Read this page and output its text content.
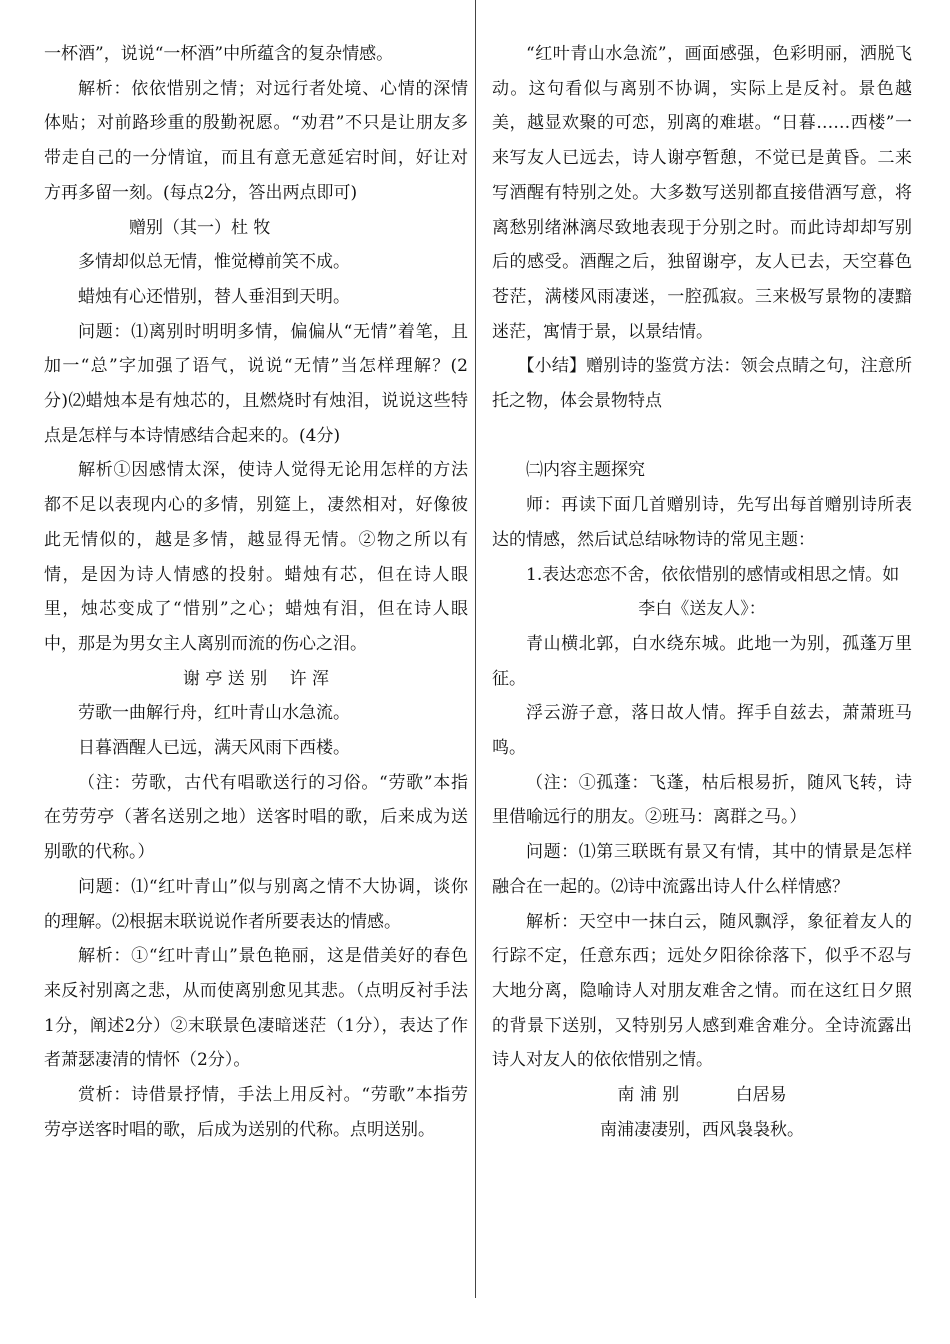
一杯酒”，说说“一杯酒”中所蕴含的复杂情感。

解析：依依惜别之情；对远行者处境、心情的深情体贴；对前路珍重的殷勤祝愿。“劝君”不只是让朋友多带走自己的一分情谊，而且有意无意延宕时间，好让对方再多留一刻。(每点2分，答出两点即可)

赠别（其一）杜 牧

多情却似总无情，惟觉樽前笑不成。

蜡烛有心还惜别，替人垂泪到天明。

问题：⑴离别时明明多情，偏偏从“无情”着笔，且加一“总”字加强了语气，说说“无情”当怎样理解？(2分)⑵蜡烛本是有烛芯的，且燃烧时有烛泪，说说这些特点是怎样与本诗情感结合起来的。(4分)

解析①因感情太深，使诗人觉得无论用怎样的方法都不足以表现内心的多情，别筵上，凄然相对，好像彼此无情似的，越是多情，越显得无情。②物之所以有情，是因为诗人情感的投射。蜡烛有芯，但在诗人眼里，烛芯变成了“惜别”之心；蜡烛有泪，但在诗人眼中，那是为男女主人离别而流的伤心之泪。

谢 亭 送 别　 许 浑

劳歌一曲解行舟，红叶青山水急流。

日暮酒醒人已远，满天风雨下西楼。

（注：劳歌，古代有唱歌送行的习俗。“劳歌”本指在劳劳亭（著名送别之地）送客时唱的歌，后来成为送别歌的代称。）

问题：⑴“红叶青山”似与别离之情不大协调，谈你的理解。⑵根据末联说说作者所要表达的情感。

解析：①“红叶青山”景色艳丽，这是借美好的春色来反衬别离之悲，从而使离别愈见其悲。（点明反衬手法1分，阐述2分）②末联景色凄暗迷茫（1分），表达了作者萧瑟凄清的情怀（2分）。

赏析：诗借景抒情，手法上用反衬。“劳歌”本指劳劳亭送客时唱的歌，后成为送别的代称。点明送别。

“红叶青山水急流”，画面感强，色彩明丽，洒脱飞动。这句看似与离别不协调，实际上是反衬。景色越美，越显欢聚的可恋，别离的难堪。“日暮……西楼”一来写友人已远去，诗人谢亭暂憩，不觉已是黄昏。二来写酒醒有特别之处。大多数写送别都直接借酒写意，将离愁别绪淋漓尽致地表现于分别之时。而此诗却却写别后的感受。酒醒之后，独留谢亭，友人已去，天空暮色苍茫，满楼风雨凄迷，一腔孤寂。三来极写景物的凄黯迷茫，寓情于景，以景结情。

【小结】赠别诗的鉴赏方法：领会点睛之句，注意所托之物，体会景物特点

㈡内容主题探究

师：再读下面几首赠别诗，先写出每首赠别诗所表达的情感，然后试总结咏物诗的常见主题：

1.表达恋恋不舍，依依惜别的感情或相思之情。如

李白《送友人》：

青山横北郭，白水绕东城。此地一为别，孤蓬万里征。

浮云游子意，落日故人情。挥手自兹去，萧萧班马鸣。

（注：①孤蓬：飞蓬，枯后根易折，随风飞转，诗里借喻远行的朋友。②班马：离群之马。）

问题：⑴第三联既有景又有情，其中的情景是怎样融合在一起的。⑵诗中流露出诗人什么样情感？

解析：天空中一抹白云，随风飘浮，象征着友人的行踪不定，任意东西；远处夕阳徐徐落下，似乎不忍与大地分离，隐喻诗人对朋友难舍之情。而在这红日夕照的背景下送别，又特别另人感到难舍难分。全诗流露出诗人对友人的依依惜别之情。

南 浦 别　　　 白居易

南浦凄凄别，西风袅袅秋。
